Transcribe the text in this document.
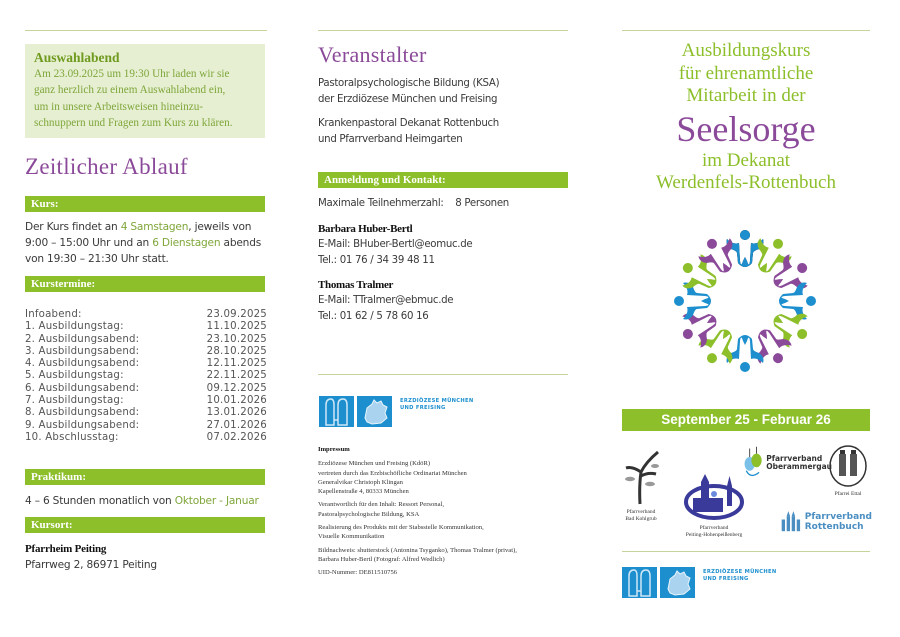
Auswahlabend
Am 23.09.2025 um 19:30 Uhr laden wir sie
ganz herzlich zu einem Auswahlabend ein,
um in unsere Arbeitsweisen hineinzu-
schnuppern und Fragen zum Kurs zu klären.
Zeitlicher Ablauf
Kurs:
Der Kurs findet an 4 Samstagen, jeweils von
9:00 – 15:00 Uhr und an 6 Dienstagen abends
von 19:30 – 21:30 Uhr statt.
Kurstermine:
Infoabend:	23.09.2025
1. Ausbildungstag:	11.10.2025
2. Ausbildungsabend:	23.10.2025
3. Ausbildungsabend:	28.10.2025
4. Ausbildungsabend:	12.11.2025
5. Ausbildungstag:	22.11.2025
6. Ausbildungsabend:	09.12.2025
7. Ausbildungstag:	10.01.2026
8. Ausbildungsabend:	13.01.2026
9. Ausbildungsabend:	27.01.2026
10. Abschlusstag:	07.02.2026
Praktikum:
4 – 6 Stunden monatlich von Oktober - Januar
Kursort:
Pfarrheim Peiting
Pfarrweg 2, 86971 Peiting
Veranstalter
Pastoralpsychologische Bildung (KSA)
der Erzdiözese München und Freising
Krankenpastoral Dekanat Rottenbuch
und Pfarrverband Heimgarten
Anmeldung und Kontakt:
Maximale Teilnehmerzahl: 8 Personen
Barbara Huber-Bertl
E-Mail: BHuber-Bertl@eomuc.de
Tel.: 01 76 / 34 39 48 11
Thomas Tralmer
E-Mail: TTralmer@ebmuc.de
Tel.: 01 62 / 5 78 60 16
ERZDIÖZESE MÜNCHEN
UND FREISING
Impressum
Erzdiözese München und Freising (KdöR)
vertreten durch das Erzbischöfliche Ordinariat München
Generalvikar Christoph Klingan
Kapellenstraße 4, 80333 München
Verantwortlich für den Inhalt: Ressort Personal,
Pastoralpsychologische Bildung, KSA
Realisierung des Produkts mit der Stabsstelle Kommunikation,
Visuelle Kommunikation
Bildnachweis: shutterstock (Antonina Tsyganko), Thomas Tralmer (privat),
Barbara Huber-Bertl (Fotograf: Alfred Wedlich)
UID-Nummer: DE811510756
Ausbildungskurs
für ehrenamtliche
Mitarbeit in der
Seelsorge
im Dekanat
Werdenfels-Rottenbuch
September 25 - Februar 26
Pfarrverband
Bad Kohlgrub
Pfarrverband
Peiting-Hohenpeißenberg
Pfarrverband
Oberammergau
Pfarrei Ettal
Pfarrverband
Rottenbuch
ERZDIÖZESE MÜNCHEN
UND FREISING
